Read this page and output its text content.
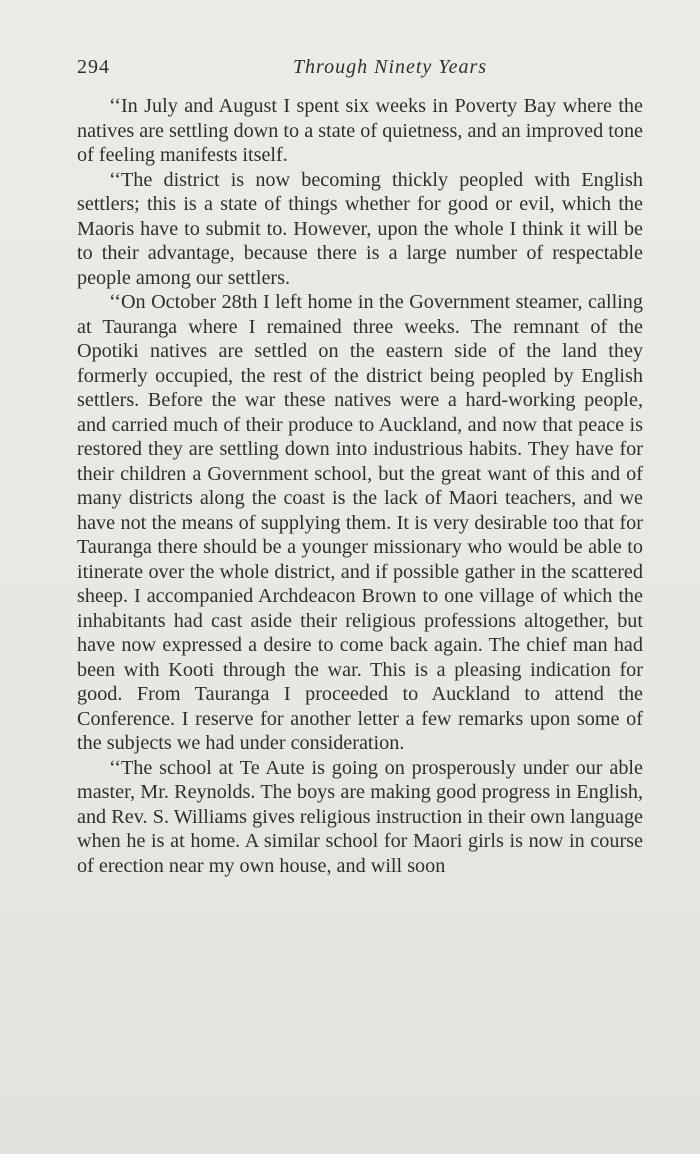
294	Through Ninety Years

‘‘In July and August I spent six weeks in Poverty Bay where the natives are settling down to a state of quietness, and an improved tone of feeling manifests itself.

‘‘The district is now becoming thickly peopled with English settlers; this is a state of things whether for good or evil, which the Maoris have to submit to. However, upon the whole I think it will be to their advantage, because there is a large number of respectable people among our settlers.

‘‘On October 28th I left home in the Government steamer, calling at Tauranga where I remained three weeks. The remnant of the Opotiki natives are settled on the eastern side of the land they formerly occupied, the rest of the district being peopled by English settlers. Before the war these natives were a hard-working people, and carried much of their produce to Auckland, and now that peace is restored they are settling down into industrious habits. They have for their children a Government school, but the great want of this and of many districts along the coast is the lack of Maori teachers, and we have not the means of supplying them. It is very desirable too that for Tauranga there should be a younger missionary who would be able to itinerate over the whole district, and if possible gather in the scattered sheep. I accompanied Archdeacon Brown to one village of which the inhabitants had cast aside their religious professions altogether, but have now expressed a desire to come back again. The chief man had been with Kooti through the war. This is a pleasing indication for good. From Tauranga I proceeded to Auckland to attend the Conference. I reserve for another letter a few remarks upon some of the subjects we had under consideration.

‘‘The school at Te Aute is going on prosperously under our able master, Mr. Reynolds. The boys are making good progress in English, and Rev. S. Williams gives religious instruction in their own language when he is at home. A similar school for Maori girls is now in course of erection near my own house, and will soon
